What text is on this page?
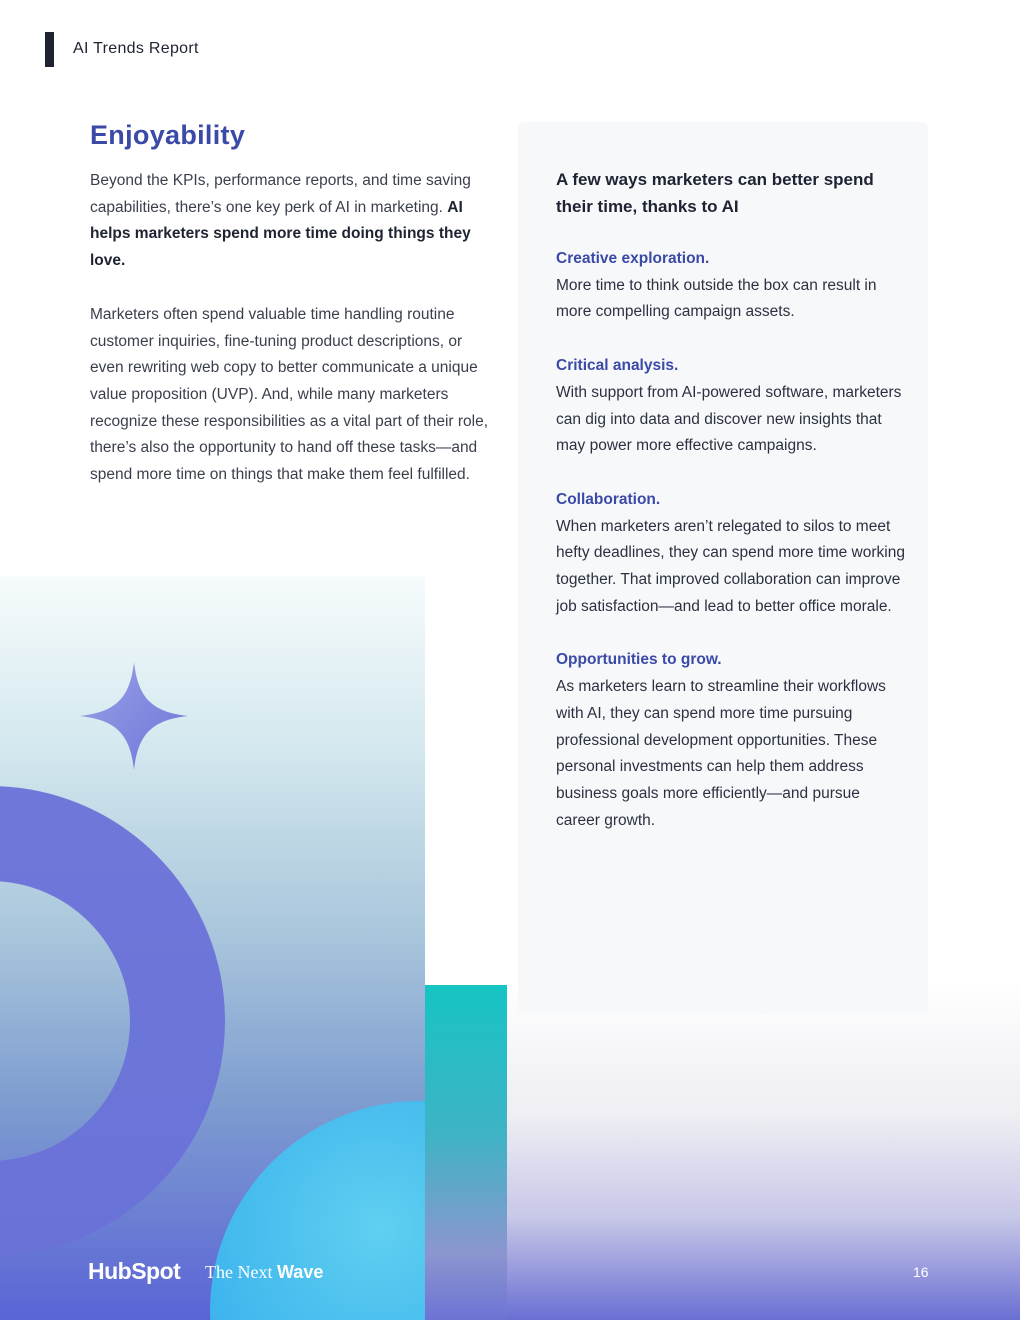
AI Trends Report
Enjoyability

Beyond the KPIs, performance reports, and time saving capabilities, there’s one key perk of AI in marketing. AI helps marketers spend more time doing things they love.

Marketers often spend valuable time handling routine customer inquiries, fine-tuning product descriptions, or even rewriting web copy to better communicate a unique value proposition (UVP). And, while many marketers recognize these responsibilities as a vital part of their role, there’s also the opportunity to hand off these tasks—and spend more time on things that make them feel fulfilled.

A few ways marketers can better spend their time, thanks to AI
Creative exploration.
More time to think outside the box can result in more compelling campaign assets.
Critical analysis.
With support from AI-powered software, marketers can dig into data and discover new insights that may power more effective campaigns.
Collaboration.
When marketers aren’t relegated to silos to meet hefty deadlines, they can spend more time working together. That improved collaboration can improve job satisfaction—and lead to better office morale.
Opportunities to grow.
As marketers learn to streamline their workflows with AI, they can spend more time pursuing professional development opportunities. These personal investments can help them address business goals more efficiently—and pursue career growth.
HubSpot The Next Wave	16
